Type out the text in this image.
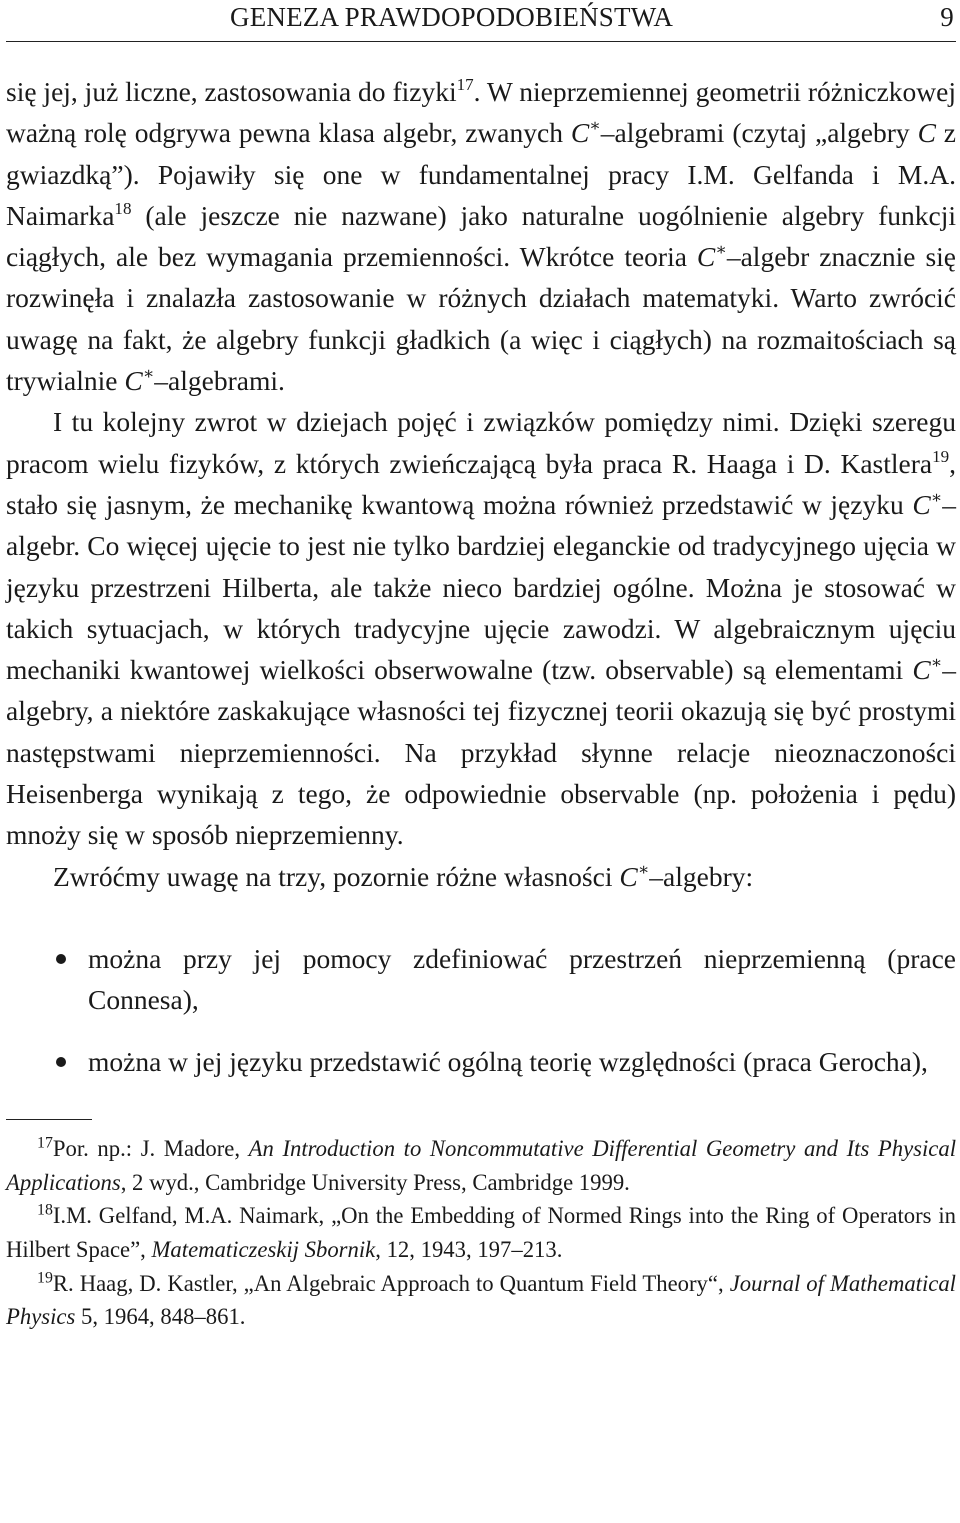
GENEZA PRAWDOPODOBIEŃSTWA	9

się jej, już liczne, zastosowania do fizyki$^{17}$. W nieprzemiennej geometrii różniczkowej ważną rolę odgrywa pewna klasa algebr, zwanych C∗–algebrami (czytaj „algebry C z gwiazdką”). Pojawiły się one w fundamentalnej pracy I.M. Gelfanda i M.A. Naimarka$^{18}$ (ale jeszcze nie nazwane) jako naturalne uogólnienie algebry funkcji ciągłych, ale bez wymagania przemienności. Wkrótce teoria C∗–algebr znacznie się rozwinęła i znalazła zastosowanie w różnych działach matematyki. Warto zwrócić uwagę na fakt, że algebry funkcji gładkich (a więc i ciągłych) na rozmaitościach są trywialnie C∗–algebrami.

I tu kolejny zwrot w dziejach pojęć i związków pomiędzy nimi. Dzięki szeregu pracom wielu fizyków, z których zwieńczającą była praca R. Haaga i D. Kastlera$^{19}$, stało się jasnym, że mechanikę kwantową można również przedstawić w języku C∗–algebr. Co więcej ujęcie to jest nie tylko bardziej eleganckie od tradycyjnego ujęcia w języku przestrzeni Hilberta, ale także nieco bardziej ogólne. Można je stosować w takich sytuacjach, w których tradycyjne ujęcie zawodzi. W algebraicznym ujęciu mechaniki kwantowej wielkości obserwowalne (tzw. observable) są elementami C∗–algebry, a niektóre zaskakujące własności tej fizycznej teorii okazują się być prostymi następstwami nieprzemienności. Na przykład słynne relacje nieoznaczoności Heisenberga wynikają z tego, że odpowiednie observable (np. położenia i pędu) mnoży się w sposób nieprzemienny.

Zwróćmy uwagę na trzy, pozornie różne własności C∗–algebry:

można przy jej pomocy zdefiniować przestrzeń nieprzemienną (prace Connesa),
można w jej języku przedstawić ogólną teorię względności (praca Gerocha),

$^{17}$Por. np.: J. Madore, An Introduction to Noncommutative Differential Geometry and Its Physical Applications, 2 wyd., Cambridge University Press, Cambridge 1999.

$^{18}$I.M. Gelfand, M.A. Naimark, „On the Embedding of Normed Rings into the Ring of Operators in Hilbert Space”, Matematiczeskij Sbornik, 12, 1943, 197–213.

$^{19}$R. Haag, D. Kastler, „An Algebraic Approach to Quantum Field Theory“, Journal of Mathematical Physics 5, 1964, 848–861.
